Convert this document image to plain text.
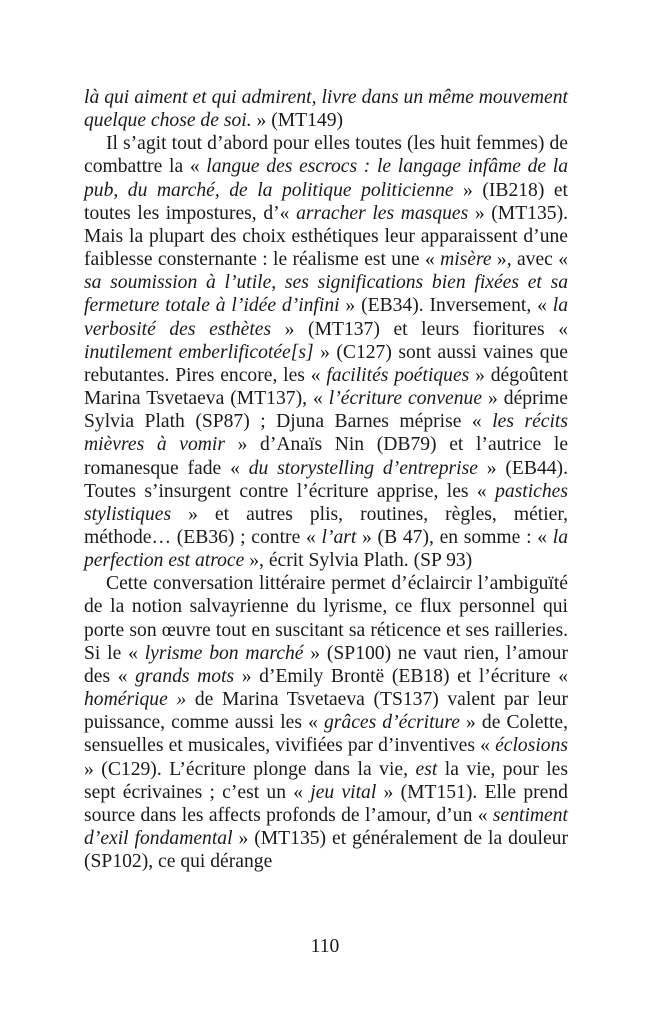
là qui aiment et qui admirent, livre dans un même mouvement quelque chose de soi. » (MT149)

Il s’agit tout d’abord pour elles toutes (les huit femmes) de combattre la « langue des escrocs : le langage infâme de la pub, du marché, de la politique politicienne » (IB218) et toutes les impostures, d’« arracher les masques » (MT135). Mais la plupart des choix esthétiques leur apparaissent d’une faiblesse consternante : le réalisme est une « misère », avec « sa soumission à l’utile, ses significations bien fixées et sa fermeture totale à l’idée d’infini » (EB34). Inversement, « la verbosité des esthètes » (MT137) et leurs fioritures « inutilement emberlificotée[s] » (C127) sont aussi vaines que rebutantes. Pires encore, les « facilités poétiques » dégoûtent Marina Tsvetaeva (MT137), « l’écriture convenue » déprime Sylvia Plath (SP87) ; Djuna Barnes méprise « les récits mièvres à vomir » d’Anaïs Nin (DB79) et l’autrice le romanesque fade « du storystelling d’entreprise » (EB44). Toutes s’insurgent contre l’écriture apprise, les « pastiches stylistiques » et autres plis, routines, règles, métier, méthode… (EB36) ; contre « l’art » (B 47), en somme : « la perfection est atroce », écrit Sylvia Plath. (SP 93)

Cette conversation littéraire permet d’éclaircir l’ambiguïté de la notion salvayrienne du lyrisme, ce flux personnel qui porte son œuvre tout en suscitant sa réticence et ses railleries. Si le « lyrisme bon marché » (SP100) ne vaut rien, l’amour des « grands mots » d’Emily Brontë (EB18) et l’écriture « homérique » de Marina Tsvetaeva (TS137) valent par leur puissance, comme aussi les « grâces d’écriture » de Colette, sensuelles et musicales, vivifiées par d’inventives « éclosions » (C129). L’écriture plonge dans la vie, est la vie, pour les sept écrivaines ; c’est un « jeu vital » (MT151). Elle prend source dans les affects profonds de l’amour, d’un « sentiment d’exil fondamental » (MT135) et généralement de la douleur (SP102), ce qui dérange

110
